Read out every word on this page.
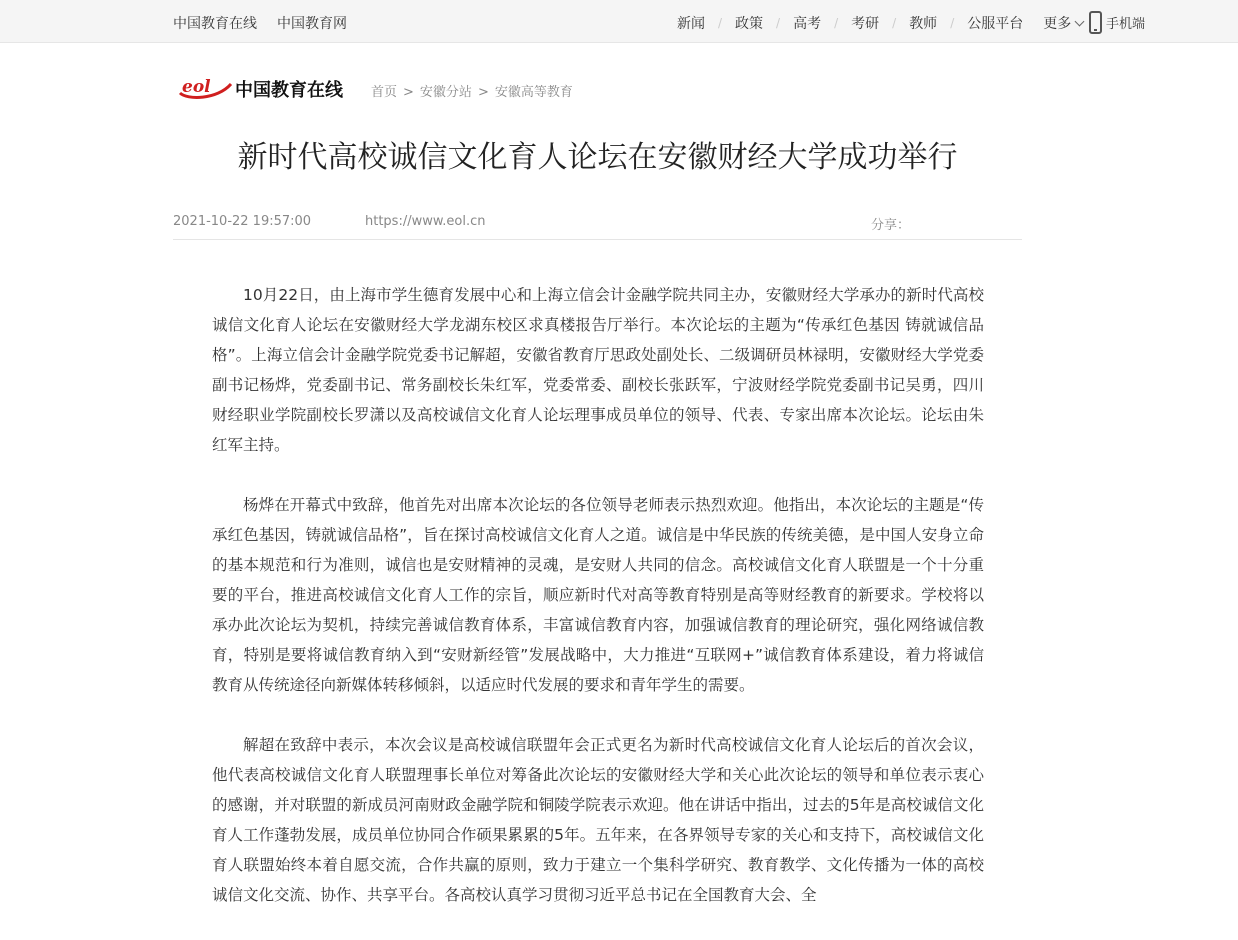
中国教育在线 中国教育网	新闻 / 政策 / 高考 / 考研 / 教师 / 公服平台 更多	手机端
eol 中国教育在线 首页 > 安徽分站 > 安徽高等教育
新时代高校诚信文化育人论坛在安徽财经大学成功举行
2021-10-22 19:57:00	https://www.eol.cn	分享：

10月22日，由上海市学生德育发展中心和上海立信会计金融学院共同主办，安徽财经大学承办的新时代高校诚信文化育人论坛在安徽财经大学龙湖东校区求真楼报告厅举行。本次论坛的主题为“传承红色基因 铸就诚信品格”。上海立信会计金融学院党委书记解超，安徽省教育厅思政处副处长、二级调研员林禄明，安徽财经大学党委副书记杨烨，党委副书记、常务副校长朱红军，党委常委、副校长张跃军，宁波财经学院党委副书记吴勇，四川财经职业学院副校长罗潇以及高校诚信文化育人论坛理事成员单位的领导、代表、专家出席本次论坛。论坛由朱红军主持。

杨烨在开幕式中致辞，他首先对出席本次论坛的各位领导老师表示热烈欢迎。他指出，本次论坛的主题是“传承红色基因，铸就诚信品格”，旨在探讨高校诚信文化育人之道。诚信是中华民族的传统美德，是中国人安身立命的基本规范和行为准则，诚信也是安财精神的灵魂，是安财人共同的信念。高校诚信文化育人联盟是一个十分重要的平台，推进高校诚信文化育人工作的宗旨，顺应新时代对高等教育特别是高等财经教育的新要求。学校将以承办此次论坛为契机，持续完善诚信教育体系，丰富诚信教育内容，加强诚信教育的理论研究，强化网络诚信教育，特别是要将诚信教育纳入到“安财新经管”发展战略中，大力推进“互联网+”诚信教育体系建设，着力将诚信教育从传统途径向新媒体转移倾斜，以适应时代发展的要求和青年学生的需要。

解超在致辞中表示，本次会议是高校诚信联盟年会正式更名为新时代高校诚信文化育人论坛后的首次会议，他代表高校诚信文化育人联盟理事长单位对筹备此次论坛的安徽财经大学和关心此次论坛的领导和单位表示衷心的感谢，并对联盟的新成员河南财政金融学院和铜陵学院表示欢迎。他在讲话中指出，过去的5年是高校诚信文化育人工作蓬勃发展，成员单位协同合作硕果累累的5年。五年来，在各界领导专家的关心和支持下，高校诚信文化育人联盟始终本着自愿交流，合作共赢的原则，致力于建立一个集科学研究、教育教学、文化传播为一体的高校诚信文化交流、协作、共享平台。各高校认真学习贯彻习近平总书记在全国教育大会、全
